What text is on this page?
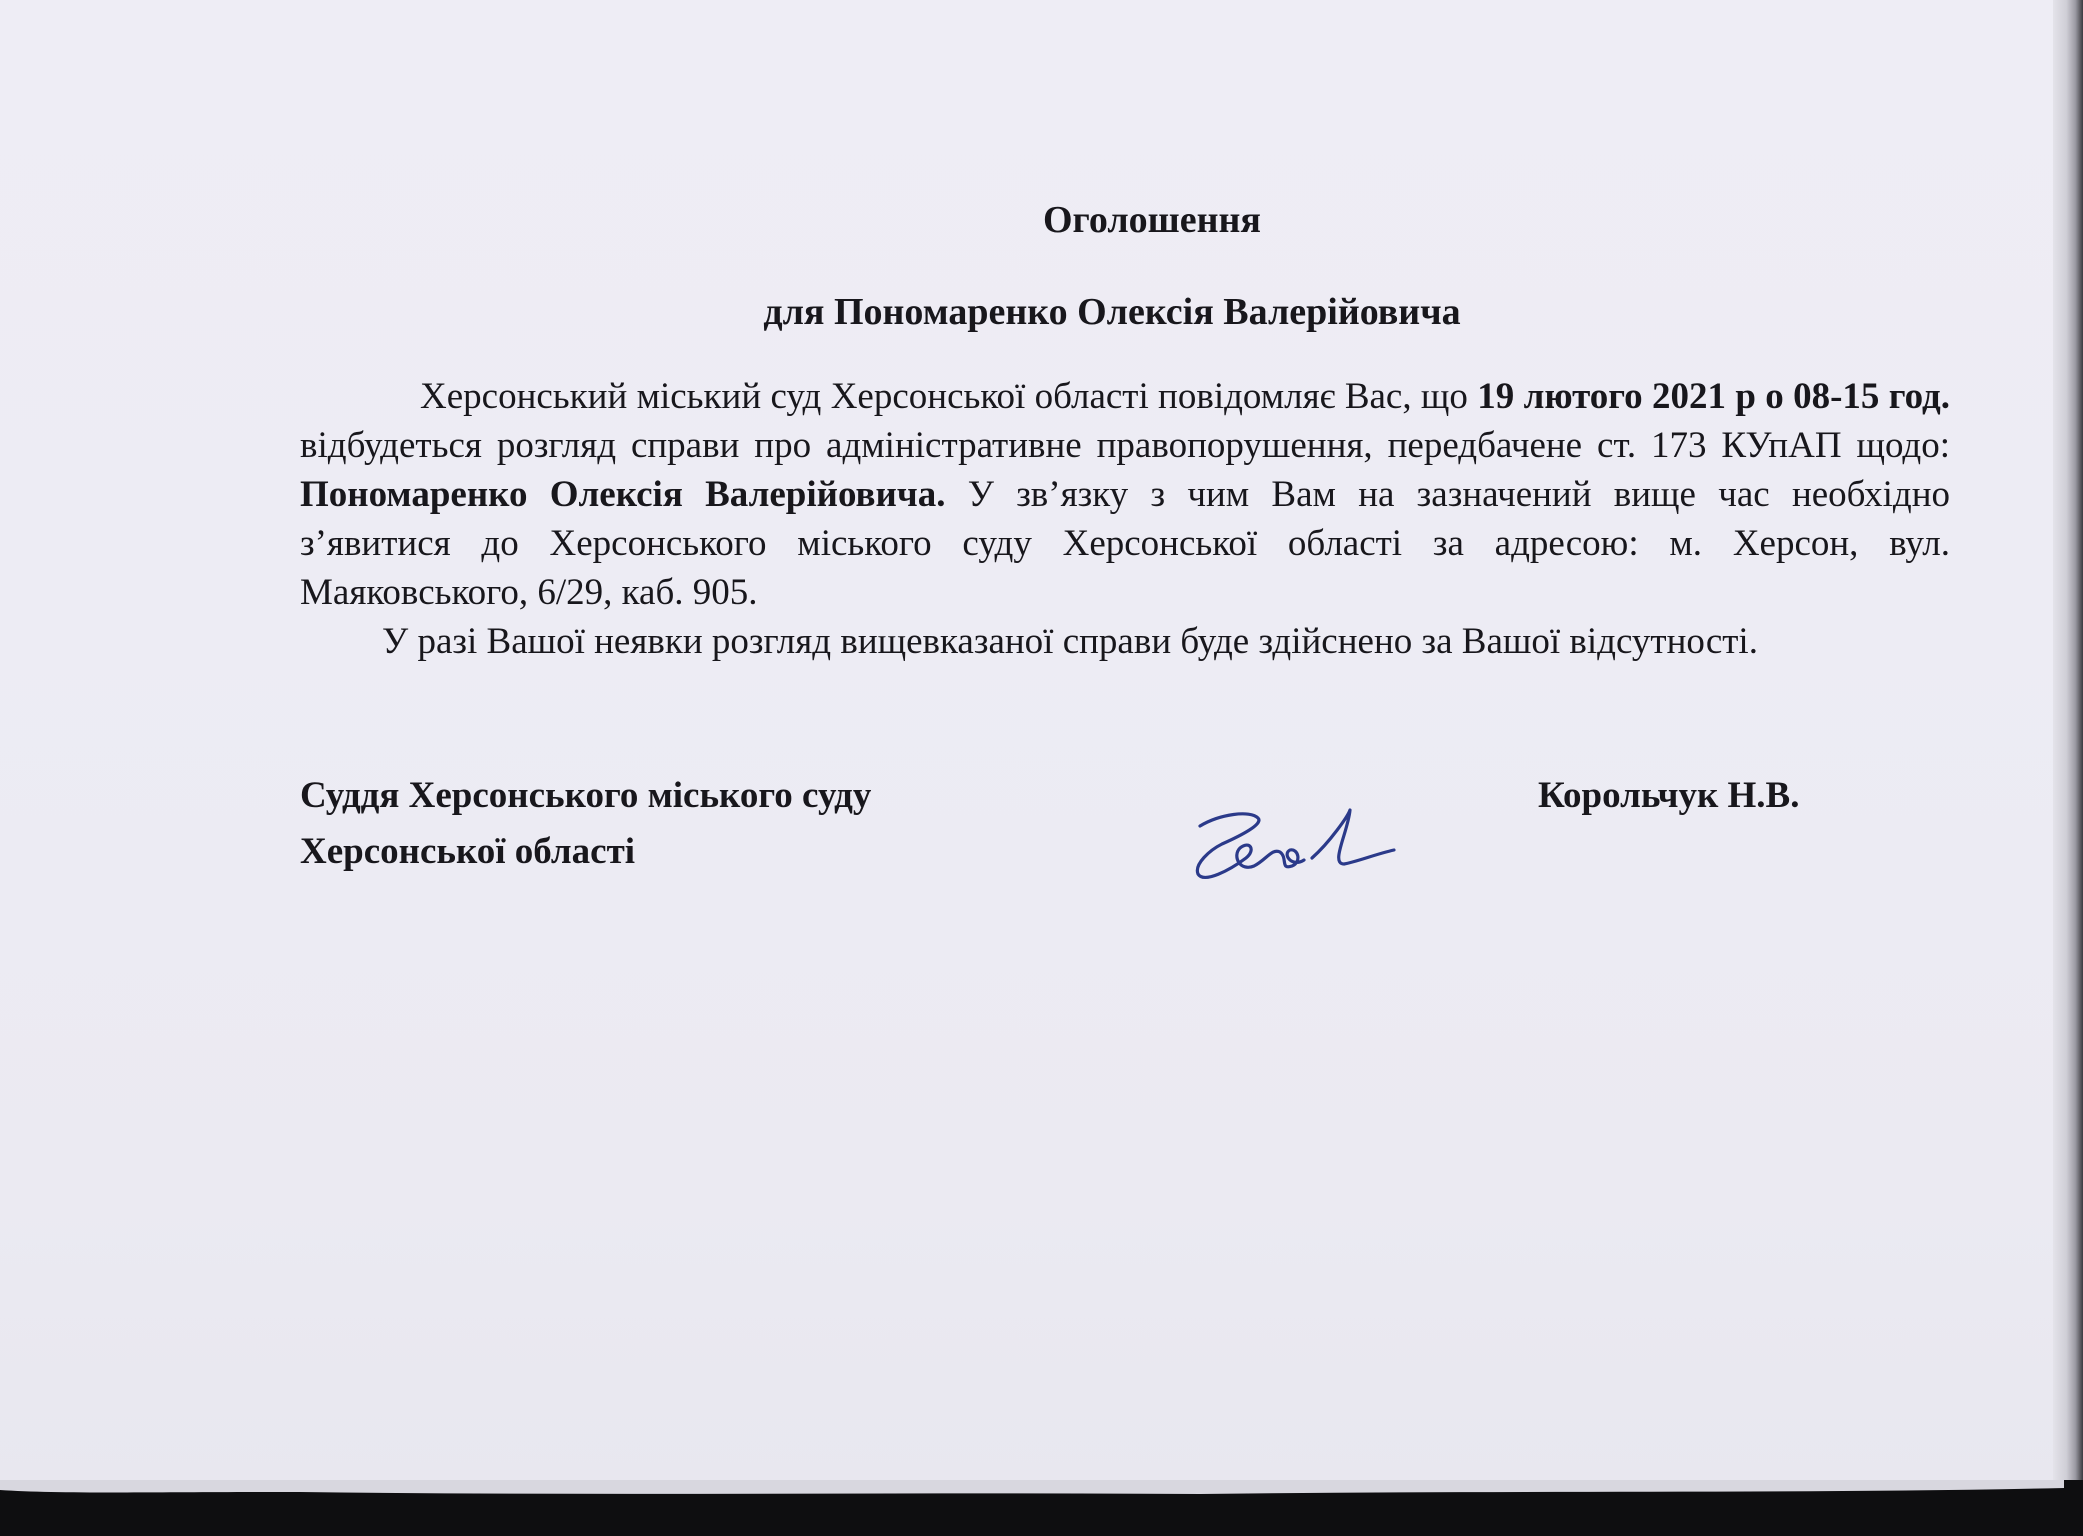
Оголошення
для Пономаренко Олексія Валерійовича
Херсонський міський суд Херсонської області повідомляє Вас, що 19 лютого 2021 р о 08-15 год. відбудеться розгляд справи про адміністративне правопорушення, передбачене ст. 173 КУпАП щодо: Пономаренко Олексія Валерійовича. У зв’язку з чим Вам на зазначений вище час необхідно з’явитися до Херсонського міського суду Херсонської області за адресою: м. Херсон, вул. Маяковського, 6/29, каб. 905.
У разі Вашої неявки розгляд вищевказаної справи буде здійснено за Вашої відсутності.
Суддя Херсонського міського суду
Херсонської області
Корольчук Н.В.
